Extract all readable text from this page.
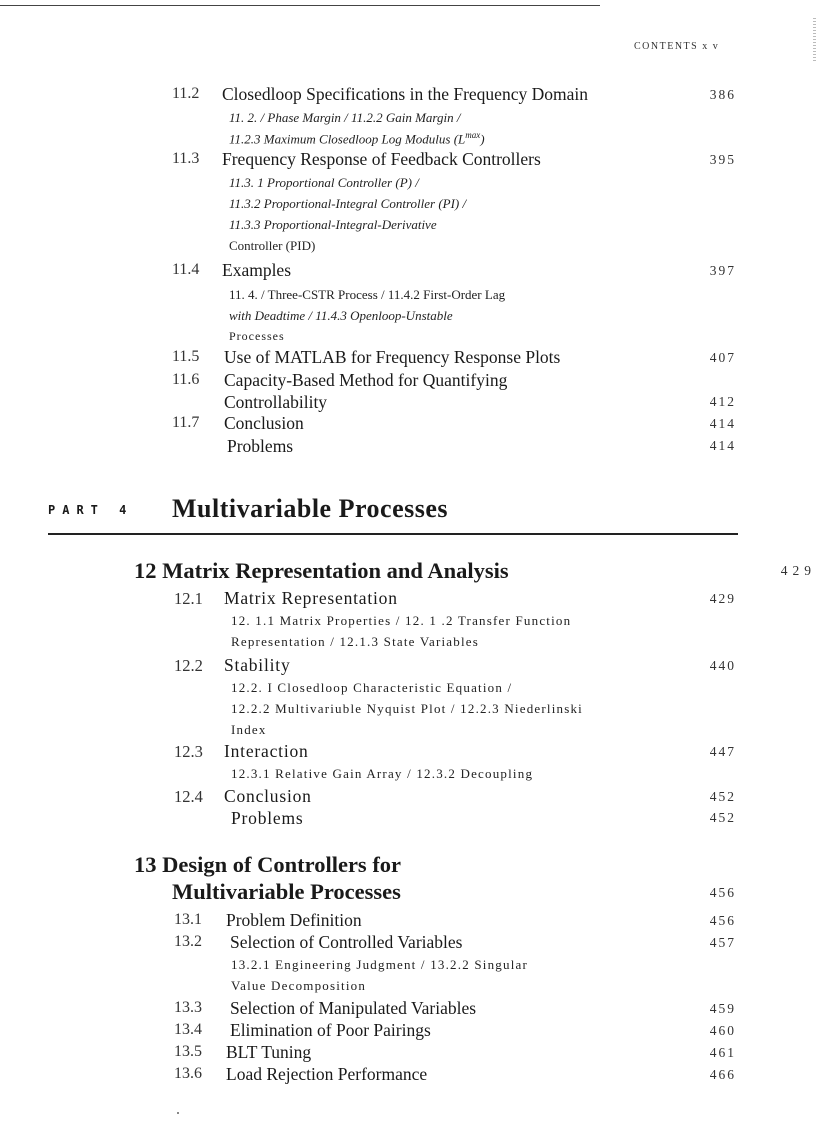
CONTENTS x v
11.2 Closedloop Specifications in the Frequency Domain	386
11. 2. / Phase Margin / 11.2.2 Gain Margin /
11.2.3 Maximum Closedloop Log Modulus $(L^{max})$
11.3 Frequency Response of Feedback Controllers	395
11.3. 1 Proportional Controller (P) /
11.3.2 Proportional-Integral Controller (PI) /
11.3.3 Proportional-Integral-Derivative
Controller (PID)
11.4 Examples	397
11. 4. / Three-CSTR Process / 11.4.2 First-Order Lag
with Deadtime / 11.4.3 Openloop-Unstable
Processes
11.5 Use of MATLAB for Frequency Response Plots	407
11.6 Capacity-Based Method for Quantifying
Controllability	412
11.7 Conclusion	414
Problems	414
PART 4 Multivariable Processes
12 Matrix Representation and Analysis	429
12.1 Matrix Representation	429
12. 1.1 Matrix Properties / 12. 1 .2 Transfer Function
Representation / 12.1.3 State Variables
12.2 Stability	440
12.2. I Closedloop Characteristic Equation /
12.2.2 Multivariuble Nyquist Plot / 12.2.3 Niederlinski
Index
12.3 Interaction	447
12.3.1 Relative Gain Array / 12.3.2 Decoupling
12.4 Conclusion	452
Problems	452
13 Design of Controllers for
Multivariable Processes	456
13.1 Problem Definition	456
13.2 Selection of Controlled Variables	457
13.2.1 Engineering Judgment / 13.2.2 Singular
Value Decomposition
13.3 Selection of Manipulated Variables	459
13.4 Elimination of Poor Pairings	460
13.5 BLT Tuning	461
13.6 Load Rejection Performance	466
